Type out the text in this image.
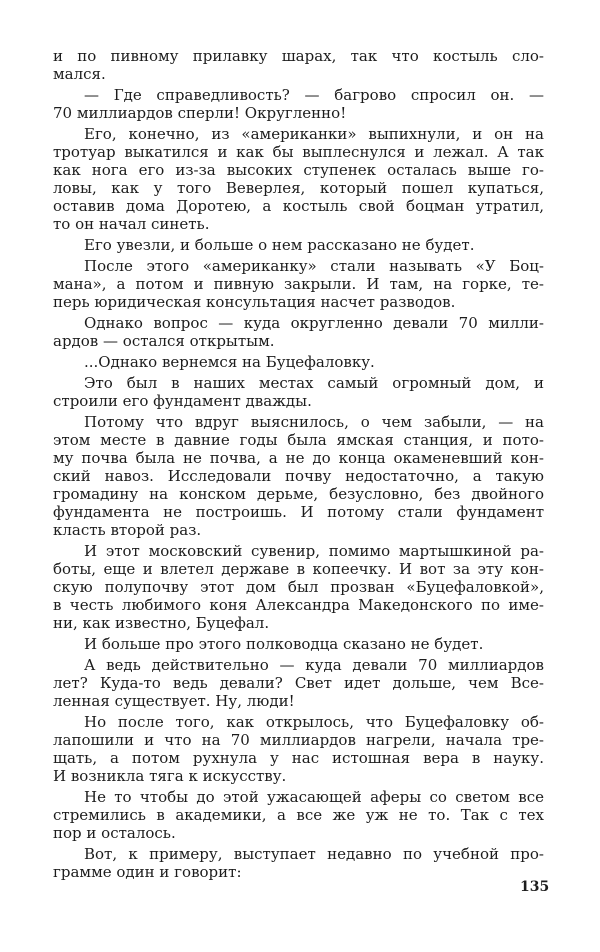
и по пивному прилавку шарах, так что костыль сло-
мался.
— Где справедливость? — багрово спросил он. —
70 миллиардов сперли! Округленно!
Его, конечно, из «американки» выпихнули, и он на
тротуар выкатился и как бы выплеснулся и лежал. А так
как нога его из-за высоких ступенек осталась выше го-
ловы, как у того Веверлея, который пошел купаться,
оставив дома Доротею, а костыль свой боцман утратил,
то он начал синеть.
Его увезли, и больше о нем рассказано не будет.
После этого «американку» стали называть «У Боц-
мана», а потом и пивную закрыли. И там, на горке, те-
перь юридическая консультация насчет разводов.
Однако вопрос — куда округленно девали 70 милли-
ардов — остался открытым.
...Однако вернемся на Буцефаловку.
Это был в наших местах самый огромный дом, и
строили его фундамент дважды.
Потому что вдруг выяснилось, о чем забыли, — на
этом месте в давние годы была ямская станция, и пото-
му почва была не почва, а не до конца окаменевший кон-
ский навоз. Исследовали почву недостаточно, а такую
громадину на конском дерьме, безусловно, без двойного
фундамента не построишь. И потому стали фундамент
класть второй раз.
И этот московский сувенир, помимо мартышкиной ра-
боты, еще и влетел державе в копеечку. И вот за эту кон-
скую полупочву этот дом был прозван «Буцефаловкой»,
в честь любимого коня Александра Македонского по име-
ни, как известно, Буцефал.
И больше про этого полководца сказано не будет.
А ведь действительно — куда девали 70 миллиардов
лет? Куда-то ведь девали? Свет идет дольше, чем Все-
ленная существует. Ну, люди!
Но после того, как открылось, что Буцефаловку об-
лапошили и что на 70 миллиардов нагрели, начала тре-
щать, а потом рухнула у нас истошная вера в науку.
И возникла тяга к искусству.
Не то чтобы до этой ужасающей аферы со светом все
стремились в академики, а все же уж не то. Так с тех
пор и осталось.
Вот, к примеру, выступает недавно по учебной про-
грамме один и говорит:
135
